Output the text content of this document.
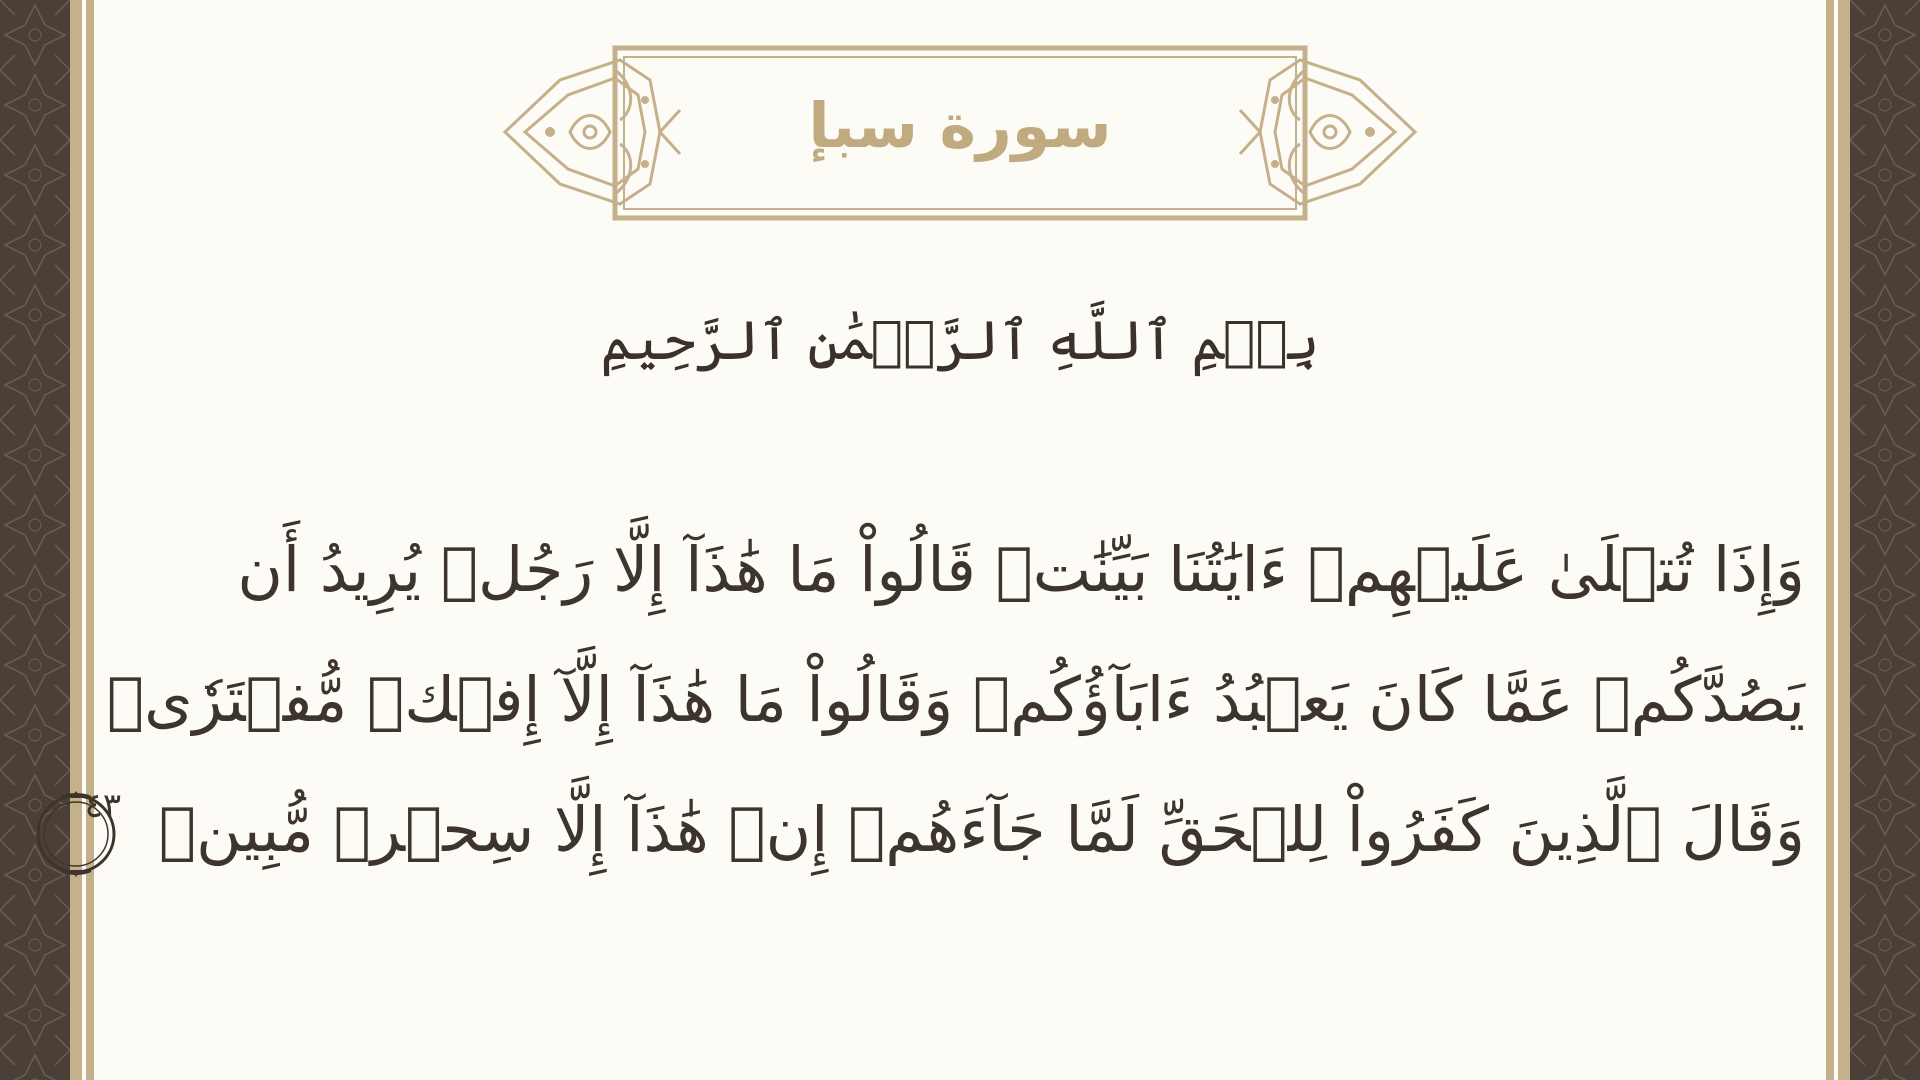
سورة سبإ
بِسۡمِ ٱللَّهِ ٱلرَّحۡمَٰنِ ٱلرَّحِيمِ
وَإِذَا تُتۡلَىٰ عَلَيۡهِمۡ ءَايَٰتُنَا بَيِّنَٰتٖ قَالُواْ مَا هَٰذَآ إِلَّا رَجُلٞ يُرِيدُ أَن
يَصُدَّكُمۡ عَمَّا كَانَ يَعۡبُدُ ءَابَآؤُكُمۡ وَقَالُواْ مَا هَٰذَآ إِلَّآ إِفۡكٞ مُّفۡتَرٗىۚ
وَقَالَ ٱلَّذِينَ كَفَرُواْ لِلۡحَقِّ لَمَّا جَآءَهُمۡ إِنۡ هَٰذَآ إِلَّا سِحۡرٞ مُّبِينٞ
٤٣
